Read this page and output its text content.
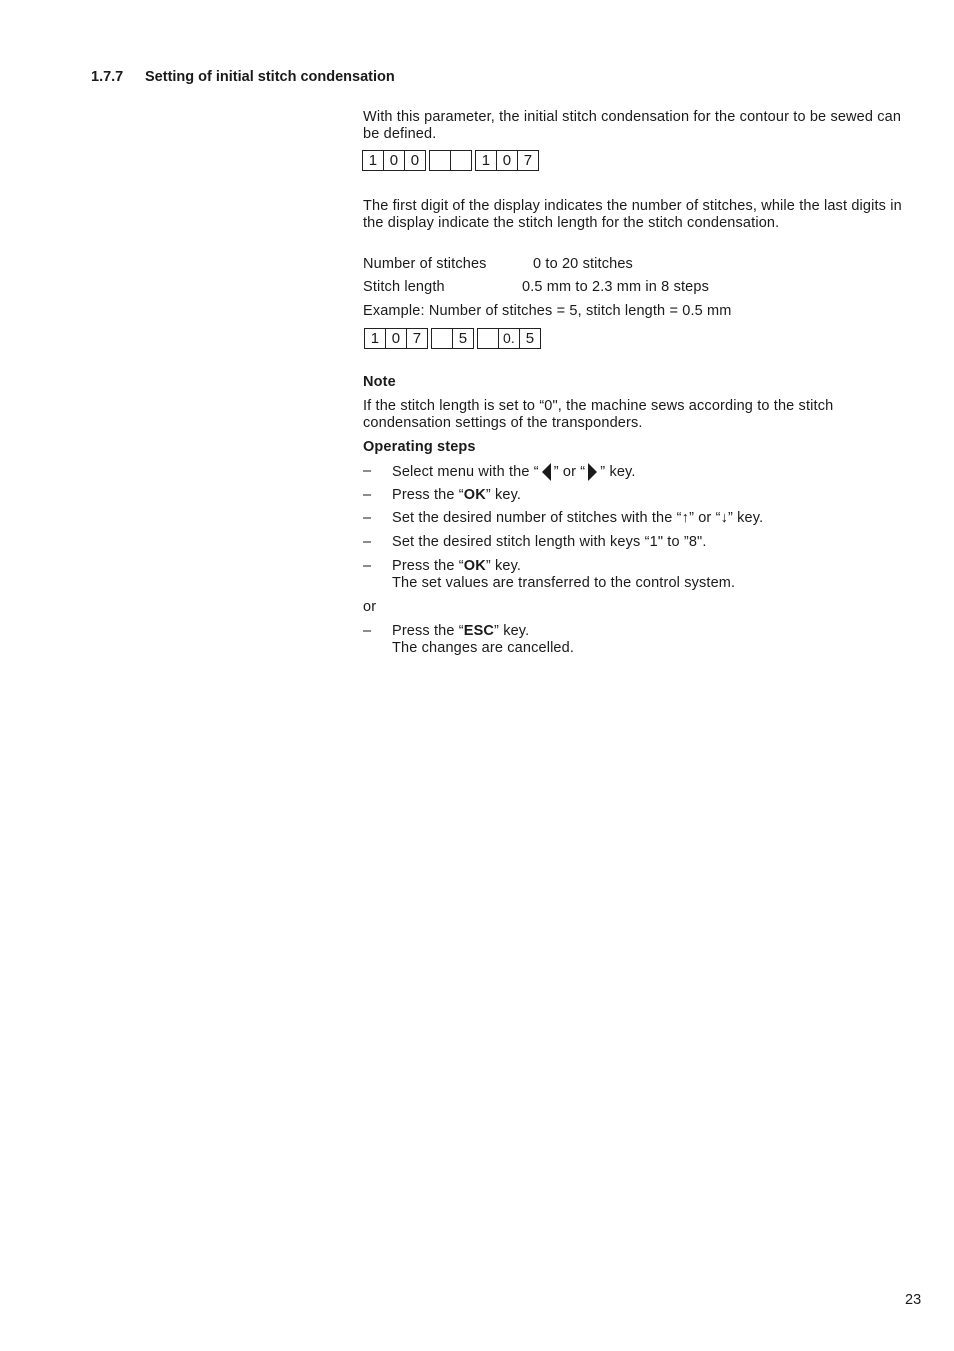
1.7.7 Setting of initial stitch condensation

With this parameter, the initial stitch condensation for the contour to be sewed can be defined.

1 0 0	1 0 7

The first digit of the display indicates the number of stitches, while the last digits in the display indicate the stitch length for the stitch condensation.

Number of stitches	0 to 20 stitches
Stitch length	0.5 mm to 2.3 mm in 8 steps

Example: Number of stitches = 5, stitch length = 0.5 mm

1 0 7	5	0. 5

Note

If the stitch length is set to “0", the machine sews according to the stitch condensation settings of the transponders.

Operating steps

–	Select menu with the “ ” or “ ” key.
–	Press the “OK” key.
–	Set the desired number of stitches with the “↑” or “↓” key.
–	Set the desired stitch length with keys “1" to ”8".
–	Press the “OK” key.
The set values are transferred to the control system.

or

–	Press the “ESC” key.
The changes are cancelled.
23
